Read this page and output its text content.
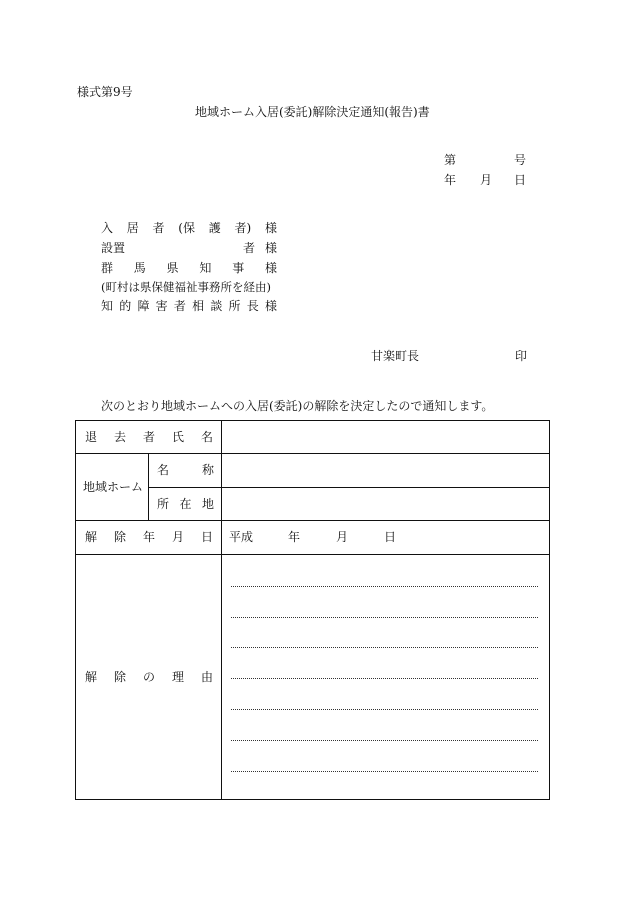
様式第9号
地域ホーム入居(委託)解除決定通知(報告)書
第	号
年 月 日
入 居 者 (保 護 者) 様
設 置	者 様
群 馬 県 知 事 様
(町村は県保健福祉事務所を経由)
知 的 障 害 者 相 談 所 長 様
甘楽町長	印
次のとおり地域ホームへの入居(委託)の解除を決定したので通知します。
退 去 者 氏 名
地域ホーム
名	称
所 在 地
解 除 年 月 日 平成	年	月	日
解 除 の 理 由
